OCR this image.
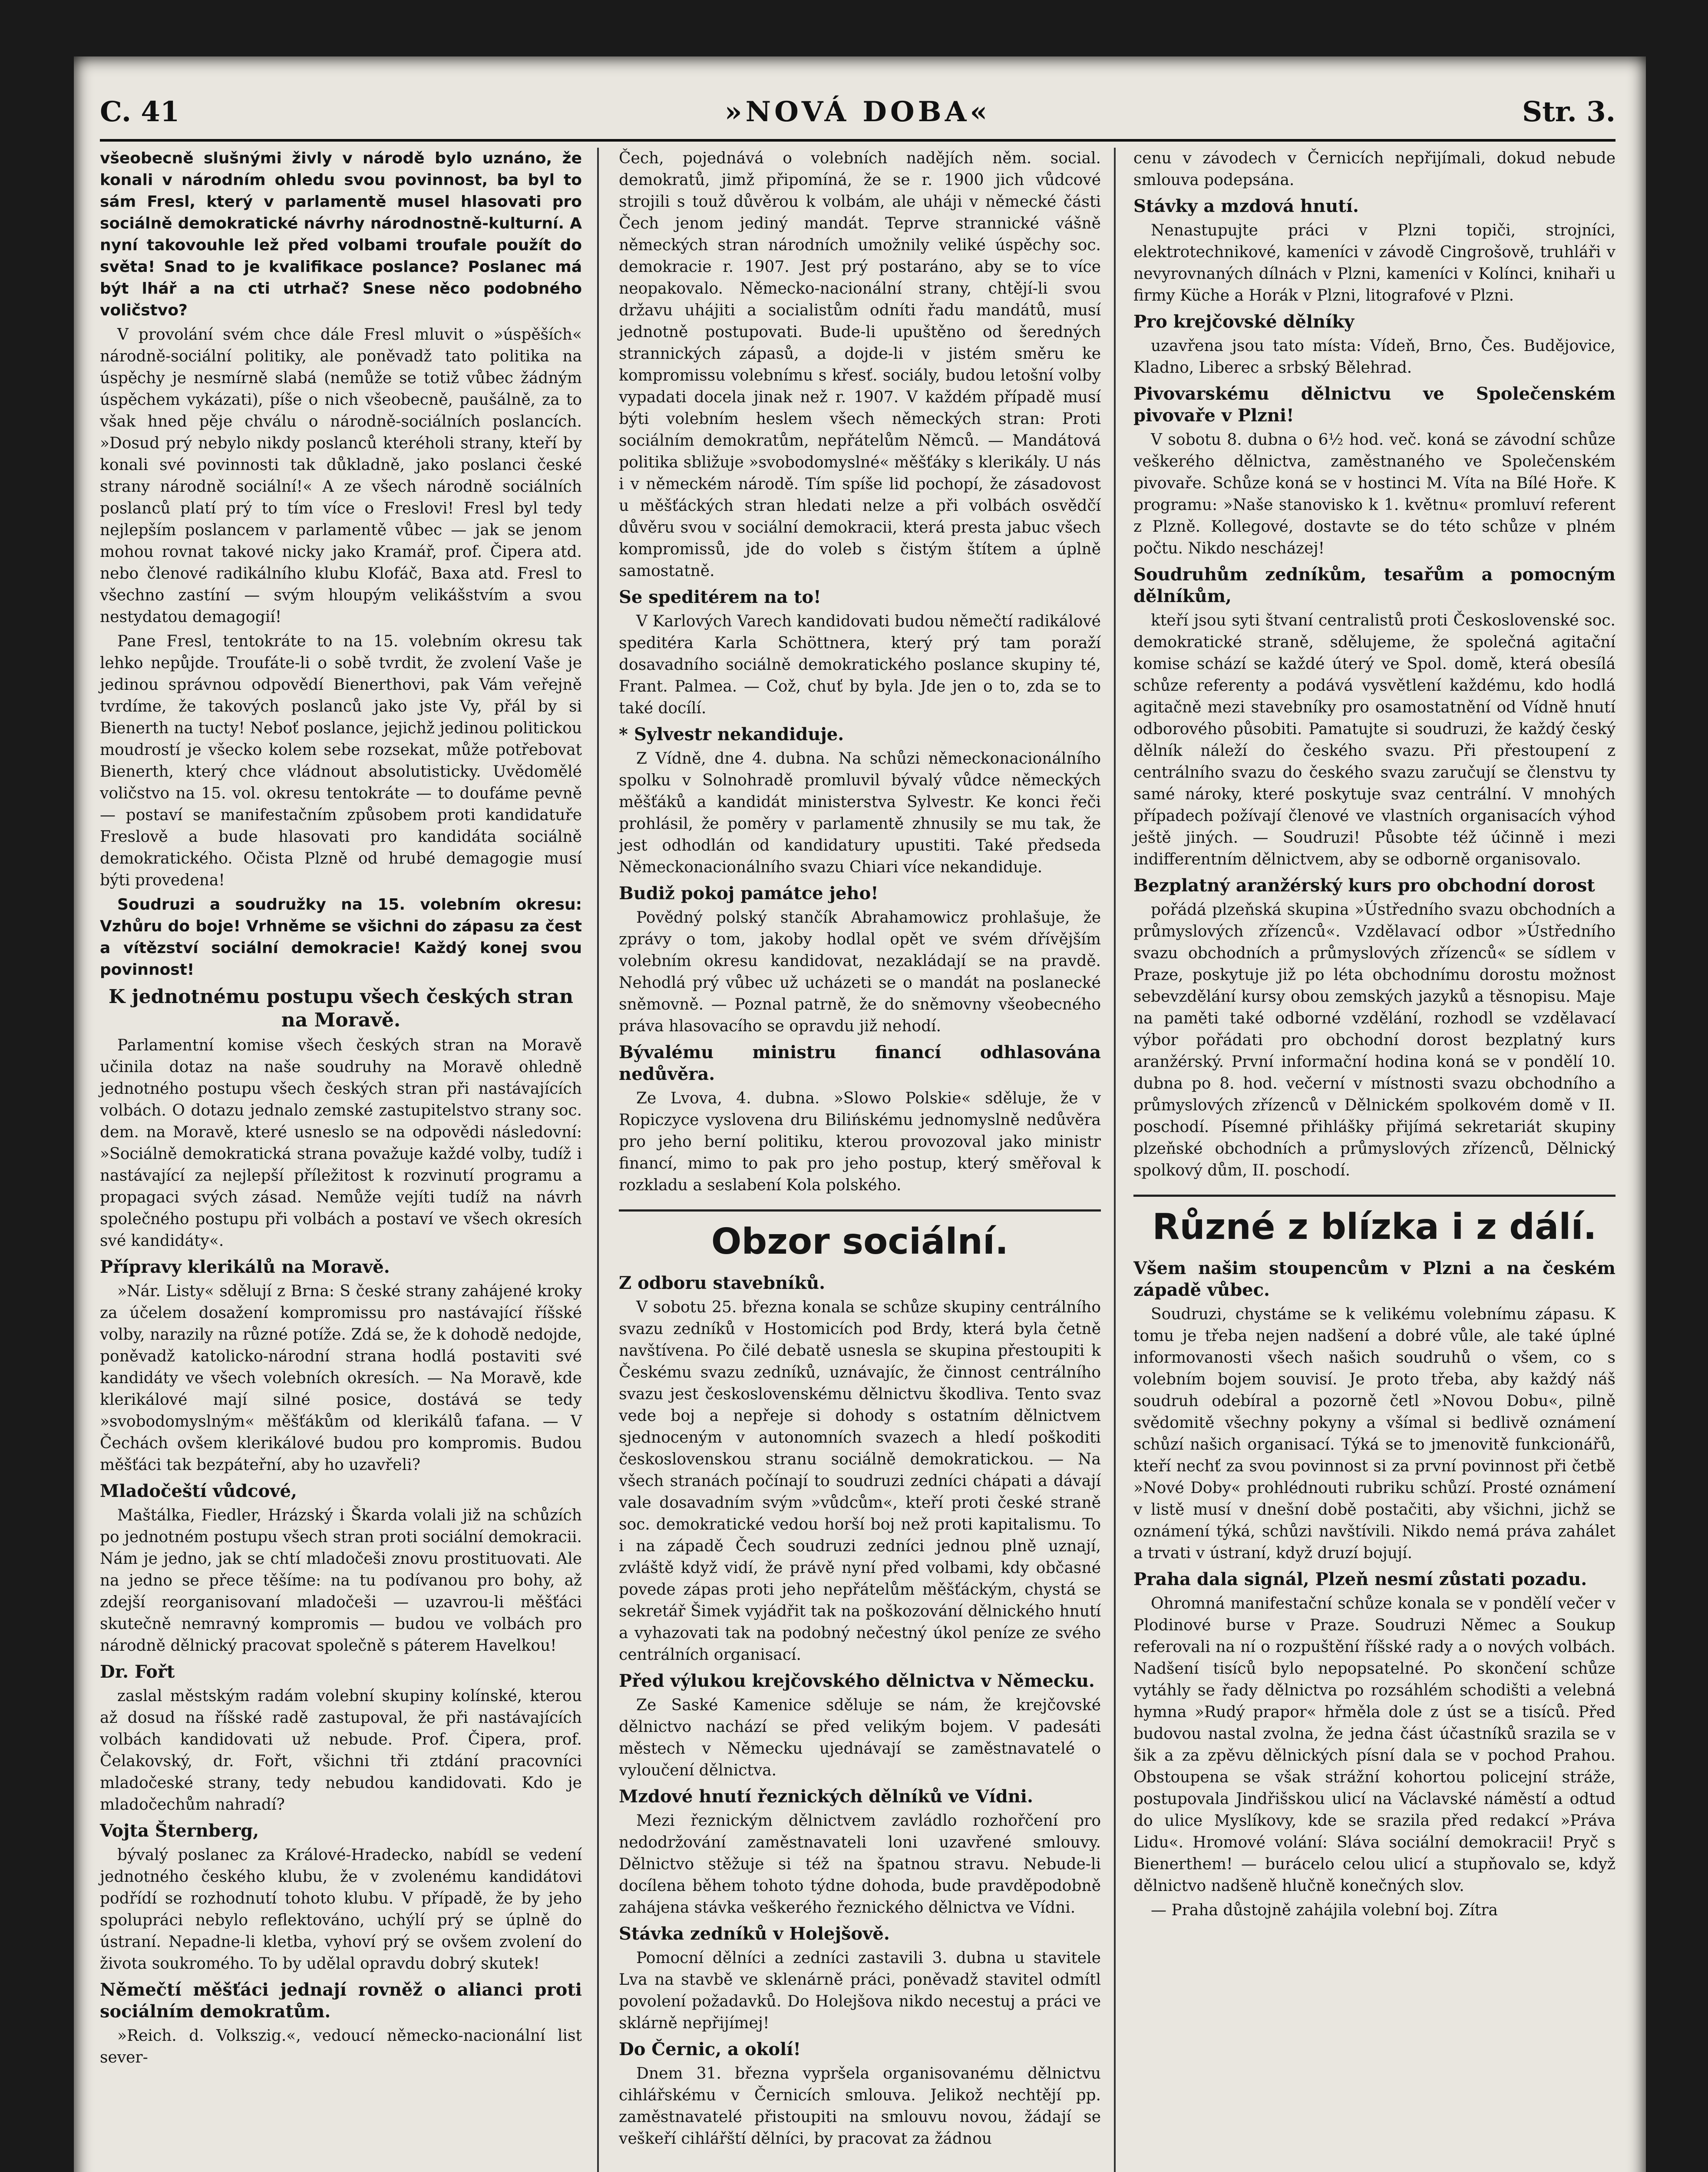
C. 41	»NOVÁ DOBA«	Str. 3.

všeobecně slušnými živly v národě bylo uznáno, že konali v národním ohledu svou povinnost, ba byl to sám Fresl, který v parlamentě musel hlasovati pro sociálně demokratické návrhy národnostně-kulturní. A nyní takovouhle lež před volbami troufale použít do světa! Snad to je kvalifikace poslance? Poslanec má být lhář a na cti utrhač? Snese něco podobného voličstvo?

V provolání svém chce dále Fresl mluvit o »úspěších« národně-sociální politiky, ale poněvadž tato politika na úspěchy je nesmírně slabá (nemůže se totiž vůbec žádným úspěchem vykázati), píše o nich všeobecně, paušálně, za to však hned pěje chválu o národně-sociálních poslancích. »Dosud prý nebylo nikdy poslanců kteréholi strany, kteří by konali své povinnosti tak důkladně, jako poslanci české strany národně sociální!« A ze všech národně sociálních poslanců platí prý to tím více o Freslovi! Fresl byl tedy nejlepším poslancem v parlamentě vůbec — jak se jenom mohou rovnat takové nicky jako Kramář, prof. Čipera atd. nebo členové radikálního klubu Klofáč, Baxa atd. Fresl to všechno zastíní — svým hloupým velikášstvím a svou nestydatou demagogií!

Pane Fresl, tentokráte to na 15. volebním okresu tak lehko nepůjde. Troufáte-li o sobě tvrdit, že zvolení Vaše je jedinou správnou odpovědí Bienerthovi, pak Vám veřejně tvrdíme, že takových poslanců jako jste Vy, přál by si Bienerth na tucty! Neboť poslance, jejichž jedinou politickou moudrostí je všecko kolem sebe rozsekat, může potřebovat Bienerth, který chce vládnout absolutisticky. Uvědomělé voličstvo na 15. vol. okresu tentokráte — to doufáme pevně — postaví se manifestačním způsobem proti kandidatuře Freslově a bude hlasovati pro kandidáta sociálně demokratického. Očista Plzně od hrubé demagogie musí býti provedena!

Soudruzi a soudružky na 15. volebním okresu: Vzhůru do boje! Vrhněme se všichni do zápasu za čest a vítězství sociální demokracie! Každý konej svou povinnost!

K jednotnému postupu všech českých stran na Moravě.

Parlamentní komise všech českých stran na Moravě učinila dotaz na naše soudruhy na Moravě ohledně jednotného postupu všech českých stran při nastávajících volbách. O dotazu jednalo zemské zastupitelstvo strany soc. dem. na Moravě, které usneslo se na odpovědi následovní: »Sociálně demokratická strana považuje každé volby, tudíž i nastávající za nejlepší příležitost k rozvinutí programu a propagaci svých zásad. Nemůže vejíti tudíž na návrh společného postupu při volbách a postaví ve všech okresích své kandidáty«.

Přípravy klerikálů na Moravě.

»Nár. Listy« sdělují z Brna: S české strany zahájené kroky za účelem dosažení kompromissu pro nastávající říšské volby, narazily na různé potíže. Zdá se, že k dohodě nedojde, poněvadž katolicko-národní strana hodlá postaviti své kandidáty ve všech volebních okresích. — Na Moravě, kde klerikálové mají silné posice, dostává se tedy »svobodomyslným« měšťákům od klerikálů ťafana. — V Čechách ovšem klerikálové budou pro kompromis. Budou měšťáci tak bezpáteřní, aby ho uzavřeli?

Mladočeští vůdcové,

Maštálka, Fiedler, Hrázský i Škarda volali již na schůzích po jednotném postupu všech stran proti sociální demokracii. Nám je jedno, jak se chtí mladočeši znovu prostituovati. Ale na jedno se přece těšíme: na tu podívanou pro bohy, až zdejší reorganisovaní mladočeši — uzavrou-li měšťáci skutečně nemravný kompromis — budou ve volbách pro národně dělnický pracovat společně s páterem Havelkou!

Dr. Fořt

zaslal městským radám volební skupiny kolínské, kterou až dosud na říšské radě zastupoval, že při nastávajících volbách kandidovati už nebude. Prof. Čipera, prof. Čelakovský, dr. Fořt, všichni tři ztdání pracovníci mladočeské strany, tedy nebudou kandidovati. Kdo je mladočechům nahradí?

Vojta Šternberg,

bývalý poslanec za Králové-Hradecko, nabídl se vedení jednotného českého klubu, že v zvolenému kandidátovi podřídí se rozhodnutí tohoto klubu. V případě, že by jeho spolupráci nebylo reflektováno, uchýlí prý se úplně do ústraní. Nepadne-li kletba, vyhoví prý se ovšem zvolení do života soukromého. To by udělal opravdu dobrý skutek!

Němečtí měšťáci jednají rovněž o alianci proti sociálním demokratům.

»Reich. d. Volkszig.«, vedoucí německo-nacionální list sever-

Čech, pojednává o volebních nadějích něm. social. demokratů, jimž připomíná, že se r. 1900 jich vůdcové strojili s touž důvěrou k volbám, ale uháji v německé části Čech jenom jediný mandát. Teprve strannické vášně německých stran národních umožnily veliké úspěchy soc. demokracie r. 1907. Jest prý postaráno, aby se to více neopakovalo. Německo-nacionální strany, chtějí-li svou državu uhájiti a socialistům odníti řadu mandátů, musí jednotně postupovati. Bude-li upuštěno od šeredných strannických zápasů, a dojde-li v jistém směru ke kompromissu volebnímu s křesť. sociály, budou letošní volby vypadati docela jinak než r. 1907. V každém případě musí býti volebním heslem všech německých stran: Proti sociálním demokratům, nepřátelům Němců. — Mandátová politika sbližuje »svobodomyslné« měšťáky s klerikály. U nás i v německém národě. Tím spíše lid pochopí, že zásadovost u měšťáckých stran hledati nelze a při volbách osvědčí důvěru svou v sociální demokracii, která presta jabuc všech kompromissů, jde do voleb s čistým štítem a úplně samostatně.

Se speditérem na to!

V Karlových Varech kandidovati budou němečtí radikálové speditéra Karla Schöttnera, který prý tam poraží dosavadního sociálně demokratického poslance skupiny té, Frant. Palmea. — Což, chuť by byla. Jde jen o to, zda se to také docílí.

* Sylvestr nekandiduje.

Z Vídně, dne 4. dubna. Na schůzi německonacionálního spolku v Solnohradě promluvil bývalý vůdce německých měšťáků a kandidát ministerstva Sylvestr. Ke konci řeči prohlásil, že poměry v parlamentě zhnusily se mu tak, že jest odhodlán od kandidatury upustiti. Také předseda Německonacionálního svazu Chiari více nekandiduje.

Budiž pokoj památce jeho!

Povědný polský stančík Abrahamowicz prohlašuje, že zprávy o tom, jakoby hodlal opět ve svém dřívějším volebním okresu kandidovat, nezakládají se na pravdě. Nehodlá prý vůbec už ucházeti se o mandát na poslanecké sněmovně. — Poznal patrně, že do sněmovny všeobecného práva hlasovacího se opravdu již nehodí.

Bývalému ministru financí odhlasována nedůvěra.

Ze Lvova, 4. dubna. »Slowo Polskie« sděluje, že v Ropiczyce vyslovena dru Bilińskému jednomyslně nedůvěra pro jeho berní politiku, kterou provozoval jako ministr financí, mimo to pak pro jeho postup, který směřoval k rozkladu a seslabení Kola polského.

Obzor sociální.
Z odboru stavebníků.

V sobotu 25. března konala se schůze skupiny centrálního svazu zedníků v Hostomicích pod Brdy, která byla četně navštívena. Po čilé debatě usnesla se skupina přestoupiti k Českému svazu zedníků, uznávajíc, že činnost centrálního svazu jest československému dělnictvu škodliva. Tento svaz vede boj a nepřeje si dohody s ostatním dělnictvem sjednoceným v autonomních svazech a hledí poškoditi československou stranu sociálně demokratickou. — Na všech stranách počínají to soudruzi zedníci chápati a dávají vale dosavadním svým »vůdcům«, kteří proti české straně soc. demokratické vedou horší boj než proti kapitalismu. To i na západě Čech soudruzi zedníci jednou plně uznají, zvláště když vidí, že právě nyní před volbami, kdy občasné povede zápas proti jeho nepřátelům měšťáckým, chystá se sekretář Šimek vyjádřit tak na poškozování dělnického hnutí a vyhazovati tak na podobný nečestný úkol peníze ze svého centrálních organisací.

Před výlukou krejčovského dělnictva v Německu.

Ze Saské Kamenice sděluje se nám, že krejčovské dělnictvo nachází se před velikým bojem. V padesáti městech v Německu ujednávají se zaměstnavatelé o vyloučení dělnictva.

Mzdové hnutí řeznických dělníků ve Vídni.

Mezi řeznickým dělnictvem zavládlo rozhořčení pro nedodržování zaměstnavateli loni uzavřené smlouvy. Dělnictvo stěžuje si též na špatnou stravu. Nebude-li docílena během tohoto týdne dohoda, bude pravděpodobně zahájena stávka veškerého řeznického dělnictva ve Vídni.

Stávka zedníků v Holejšově.

Pomocní dělníci a zedníci zastavili 3. dubna u stavitele Lva na stavbě ve sklenárně práci, poněvadž stavitel odmítl povolení požadavků. Do Holejšova nikdo necestuj a práci ve sklárně nepřijímej!

Do Černic, a okolí!

Dnem 31. března vypršela organisovanému dělnictvu cihlářskému v Černicích smlouva. Jelikož nechtějí pp. zaměstnavatelé přistoupiti na smlouvu novou, žádají se veškeří cihlářští dělníci, by pracovat za žádnou

cenu v závodech v Černicích nepřijímali, dokud nebude smlouva podepsána.

Stávky a mzdová hnutí.

Nenastupujte práci v Plzni topiči, strojníci, elektrotechnikové, kameníci v závodě Cingrošově, truhláři v nevyrovnaných dílnách v Plzni, kameníci v Kolínci, knihaři u firmy Küche a Horák v Plzni, litografové v Plzni.

Pro krejčovské dělníky

uzavřena jsou tato místa: Vídeň, Brno, Čes. Budějovice, Kladno, Liberec a srbský Bělehrad.

Pivovarskému dělnictvu ve Společenském pivovaře v Plzni!

V sobotu 8. dubna o 6½ hod. več. koná se závodní schůze veškerého dělnictva, zaměstnaného ve Společenském pivovaře. Schůze koná se v hostinci M. Víta na Bílé Hoře. K programu: »Naše stanovisko k 1. květnu« promluví referent z Plzně. Kollegové, dostavte se do této schůze v plném počtu. Nikdo nescházej!

Soudruhům zedníkům, tesařům a pomocným dělníkům,

kteří jsou syti štvaní centralistů proti Československé soc. demokratické straně, sdělujeme, že společná agitační komise schází se každé úterý ve Spol. domě, která obesílá schůze referenty a podává vysvětlení každému, kdo hodlá agitačně mezi stavebníky pro osamostatnění od Vídně hnutí odborového působiti. Pamatujte si soudruzi, že každý český dělník náleží do českého svazu. Při přestoupení z centrálního svazu do českého svazu zaručují se členstvu ty samé nároky, které poskytuje svaz centrální. V mnohých případech požívají členové ve vlastních organisacích výhod ještě jiných. — Soudruzi! Působte též účinně i mezi indifferentním dělnictvem, aby se odborně organisovalo.

Bezplatný aranžérský kurs pro obchodní dorost

pořádá plzeňská skupina »Ústředního svazu obchodních a průmyslových zřízenců«. Vzdělavací odbor »Ústředního svazu obchodních a průmyslových zřízenců« se sídlem v Praze, poskytuje již po léta obchodnímu dorostu možnost sebevzdělání kursy obou zemských jazyků a těsnopisu. Maje na paměti také odborné vzdělání, rozhodl se vzdělavací výbor pořádati pro obchodní dorost bezplatný kurs aranžérský. První informační hodina koná se v pondělí 10. dubna po 8. hod. večerní v místnosti svazu obchodního a průmyslových zřízenců v Dělnickém spolkovém domě v II. poschodí. Písemné přihlášky přijímá sekretariát skupiny plzeňské obchodních a průmyslových zřízenců, Dělnický spolkový dům, II. poschodí.

Různé z blízka i z dálí.
Všem našim stoupencům v Plzni a na českém západě vůbec.

Soudruzi, chystáme se k velikému volebnímu zápasu. K tomu je třeba nejen nadšení a dobré vůle, ale také úplné informovanosti všech našich soudruhů o všem, co s volebním bojem souvisí. Je proto třeba, aby každý náš soudruh odebíral a pozorně četl »Novou Dobu«, pilně svědomitě všechny pokyny a všímal si bedlivě oznámení schůzí našich organisací. Týká se to jmenovitě funkcionářů, kteří nechť za svou povinnost si za první povinnost při četbě »Nové Doby« prohlédnouti rubriku schůzí. Prosté oznámení v listě musí v dnešní době postačiti, aby všichni, jichž se oznámení týká, schůzi navštívili. Nikdo nemá práva zahálet a trvati v ústraní, když druzí bojují.

Praha dala signál, Plzeň nesmí zůstati pozadu.

Ohromná manifestační schůze konala se v pondělí večer v Plodinové burse v Praze. Soudruzi Němec a Soukup referovali na ní o rozpuštění říšské rady a o nových volbách. Nadšení tisíců bylo nepopsatelné. Po skončení schůze vytáhly se řady dělnictva po rozsáhlém schodišti a velebná hymna »Rudý prapor« hřměla dole z úst se a tisíců. Před budovou nastal zvolna, že jedna část účastníků srazila se v šik a za zpěvu dělnických písní dala se v pochod Prahou. Obstoupena se však strážní kohortou policejní stráže, postupovala Jindřišskou ulicí na Václavské náměstí a odtud do ulice Myslíkovy, kde se srazila před redakcí »Práva Lidu«. Hromové volání: Sláva sociální demokracii! Pryč s Bienerthem! — burácelo celou ulicí a stupňovalo se, když dělnictvo nadšeně hlučně konečných slov.

— Praha důstojně zahájila volební boj. Zítra
